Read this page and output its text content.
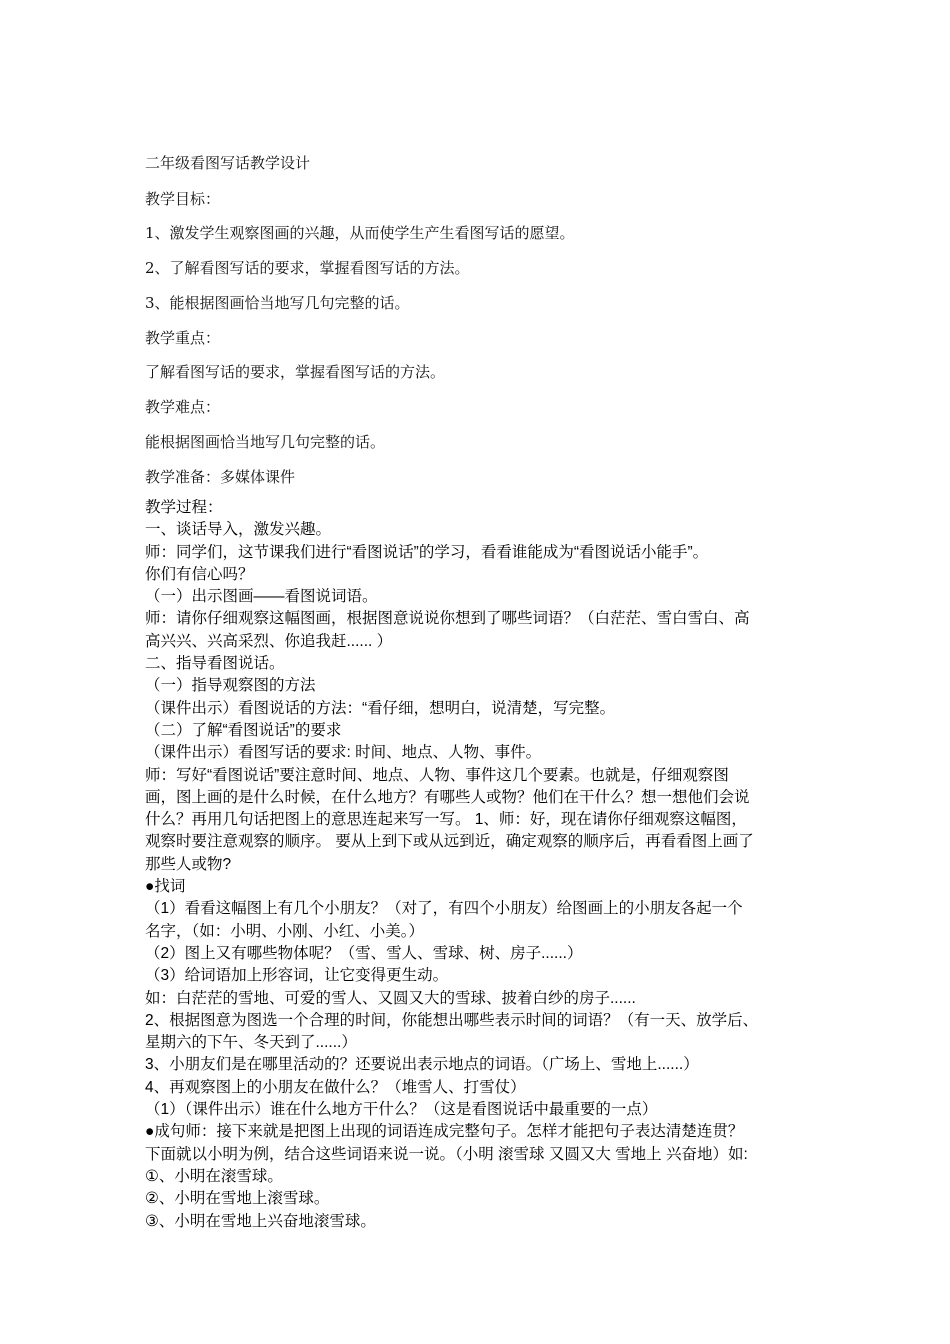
二年级看图写话教学设计
教学目标：
1、激发学生观察图画的兴趣，从而使学生产生看图写话的愿望。
2、了解看图写话的要求，掌握看图写话的方法。
3、能根据图画恰当地写几句完整的话。
教学重点：
了解看图写话的要求，掌握看图写话的方法。
教学难点：
能根据图画恰当地写几句完整的话。
教学准备：多媒体课件
教学过程：
一、谈话导入，激发兴趣。
师：同学们，这节课我们进行“看图说话”的学习，看看谁能成为“看图说话小能手”。
你们有信心吗？
（一）出示图画——看图说词语。
师：请你仔细观察这幅图画，根据图意说说你想到了哪些词语？（白茫茫、雪白雪白、高
高兴兴、兴高采烈、你追我赶...... ）
二、指导看图说话。
（一）指导观察图的方法
（课件出示）看图说话的方法：“看仔细，想明白，说清楚，写完整。
（二）了解“看图说话”的要求
（课件出示）看图写话的要求: 时间、地点、人物、事件。
师：写好“看图说话”要注意时间、地点、人物、事件这几个要素。也就是，仔细观察图
画，图上画的是什么时候，在什么地方？有哪些人或物？他们在干什么？想一想他们会说
什么？再用几句话把图上的意思连起来写一写。 1、师：好，现在请你仔细观察这幅图，
观察时要注意观察的顺序。 要从上到下或从远到近，确定观察的顺序后，再看看图上画了
那些人或物?
●找词
（1）看看这幅图上有几个小朋友？（对了，有四个小朋友）给图画上的小朋友各起一个
名字，（如：小明、小刚、小红、小美。）
（2）图上又有哪些物体呢？（雪、雪人、雪球、树、房子......）
（3）给词语加上形容词，让它变得更生动。
如：白茫茫的雪地、可爱的雪人、又圆又大的雪球、披着白纱的房子......
2、根据图意为图选一个合理的时间，你能想出哪些表示时间的词语？（有一天、放学后、
星期六的下午、冬天到了......）
3、小朋友们是在哪里活动的？还要说出表示地点的词语。（广场上、雪地上......）
4、再观察图上的小朋友在做什么？（堆雪人、打雪仗）
（1）（课件出示）谁在什么地方干什么？（这是看图说话中最重要的一点）
●成句师：接下来就是把图上出现的词语连成完整句子。怎样才能把句子表达清楚连贯？
下面就以小明为例，结合这些词语来说一说。（小明 滚雪球 又圆又大 雪地上 兴奋地）如:
①、小明在滚雪球。
②、小明在雪地上滚雪球。
③、小明在雪地上兴奋地滚雪球。
